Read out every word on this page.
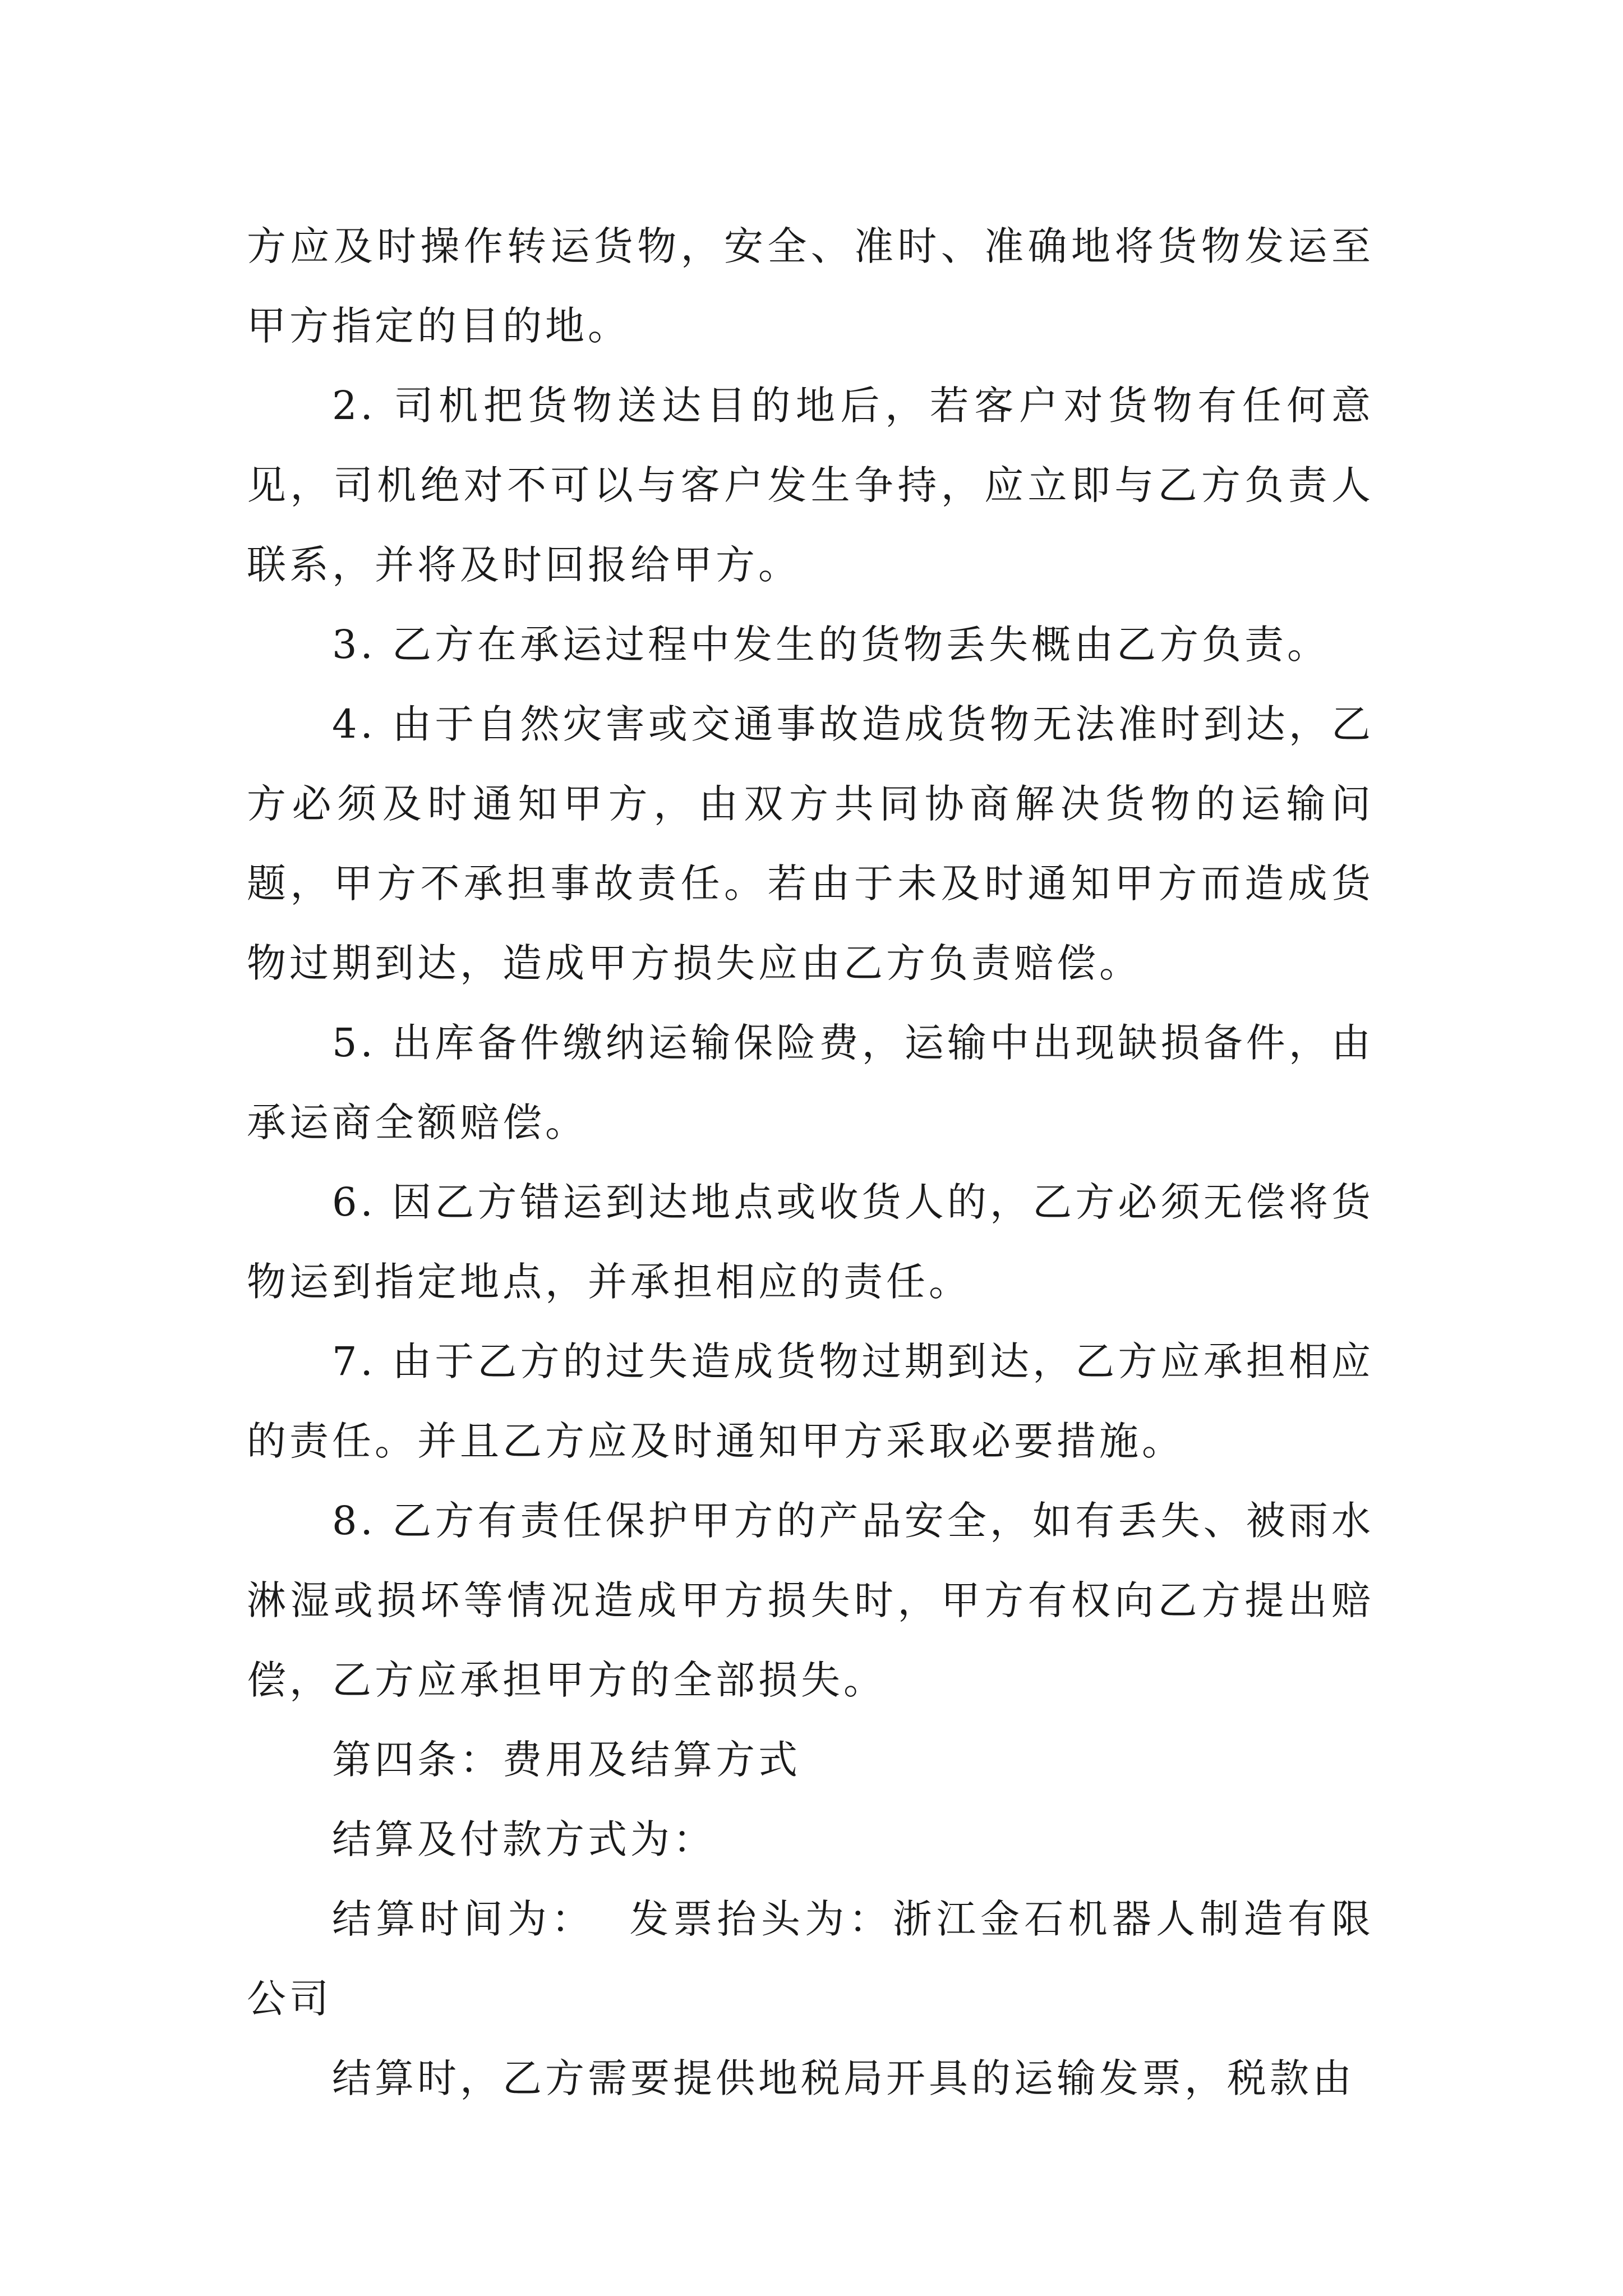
方应及时操作转运货物，安全、准时、准确地将货物发运至甲方指定的目的地。

2. 司机把货物送达目的地后，若客户对货物有任何意见，司机绝对不可以与客户发生争持，应立即与乙方负责人联系，并将及时回报给甲方。

3. 乙方在承运过程中发生的货物丢失概由乙方负责。

4. 由于自然灾害或交通事故造成货物无法准时到达，乙方必须及时通知甲方，由双方共同协商解决货物的运输问题，甲方不承担事故责任。若由于未及时通知甲方而造成货物过期到达，造成甲方损失应由乙方负责赔偿。

5. 出库备件缴纳运输保险费，运输中出现缺损备件，由承运商全额赔偿。

6. 因乙方错运到达地点或收货人的，乙方必须无偿将货物运到指定地点，并承担相应的责任。

7. 由于乙方的过失造成货物过期到达，乙方应承担相应的责任。并且乙方应及时通知甲方采取必要措施。

8. 乙方有责任保护甲方的产品安全，如有丢失、被雨水淋湿或损坏等情况造成甲方损失时，甲方有权向乙方提出赔偿，乙方应承担甲方的全部损失。

第四条：费用及结算方式

结算及付款方式为：

结算时间为：  发票抬头为：浙江金石机器人制造有限公司

结算时，乙方需要提供地税局开具的运输发票，税款由
